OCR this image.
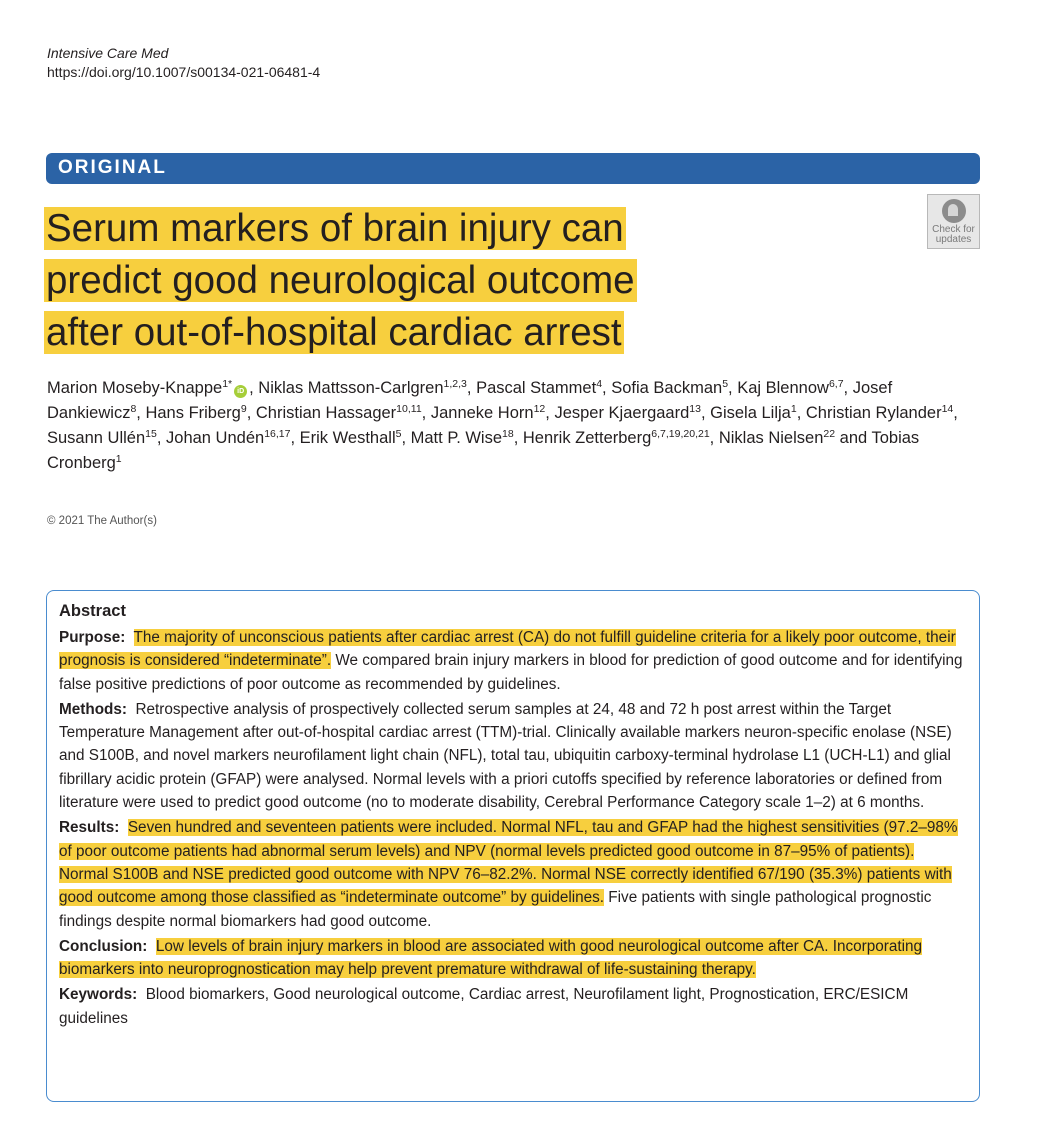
Intensive Care Med
https://doi.org/10.1007/s00134-021-06481-4
ORIGINAL
Serum markers of brain injury can
predict good neurological outcome
after out-of-hospital cardiac arrest
Check for
updates
Marion Moseby-Knappe$^{1*}$iD , Niklas Mattsson-Carlgren$^{1,2,3}$, Pascal Stammet$^4$, Sofia Backman$^5$, Kaj Blennow$^{6,7}$, Josef Dankiewicz$^8$, Hans Friberg$^9$, Christian Hassager$^{10,11}$, Janneke Horn$^{12}$, Jesper Kjaergaard$^{13}$, Gisela Lilja$^1$, Christian Rylander$^{14}$, Susann Ullén$^{15}$, Johan Undén$^{16,17}$, Erik Westhall$^5$, Matt P. Wise$^{18}$, Henrik Zetterberg$^{6,7,19,20,21}$, Niklas Nielsen$^{22}$ and Tobias Cronberg$^1$
© 2021 The Author(s)
Abstract
Purpose: The majority of unconscious patients after cardiac arrest (CA) do not fulfill guideline criteria for a likely poor outcome, their prognosis is considered “indeterminate”. We compared brain injury markers in blood for prediction of good outcome and for identifying false positive predictions of poor outcome as recommended by guidelines.
Methods: Retrospective analysis of prospectively collected serum samples at 24, 48 and 72 h post arrest within the Target Temperature Management after out-of-hospital cardiac arrest (TTM)-trial. Clinically available markers neuron-specific enolase (NSE) and S100B, and novel markers neurofilament light chain (NFL), total tau, ubiquitin carboxy-terminal hydrolase L1 (UCH-L1) and glial fibrillary acidic protein (GFAP) were analysed. Normal levels with a priori cutoffs specified by reference laboratories or defined from literature were used to predict good outcome (no to moderate disability, Cerebral Performance Category scale 1–2) at 6 months.
Results: Seven hundred and seventeen patients were included. Normal NFL, tau and GFAP had the highest sensitivities (97.2–98% of poor outcome patients had abnormal serum levels) and NPV (normal levels predicted good outcome in 87–95% of patients). Normal S100B and NSE predicted good outcome with NPV 76–82.2%. Normal NSE correctly identified 67/190 (35.3%) patients with good outcome among those classified as “indeterminate outcome” by guidelines. Five patients with single pathological prognostic findings despite normal biomarkers had good outcome.
Conclusion: Low levels of brain injury markers in blood are associated with good neurological outcome after CA. Incorporating biomarkers into neuroprognostication may help prevent premature withdrawal of life-sustaining therapy.
Keywords: Blood biomarkers, Good neurological outcome, Cardiac arrest, Neurofilament light, Prognostication, ERC/ESICM guidelines
